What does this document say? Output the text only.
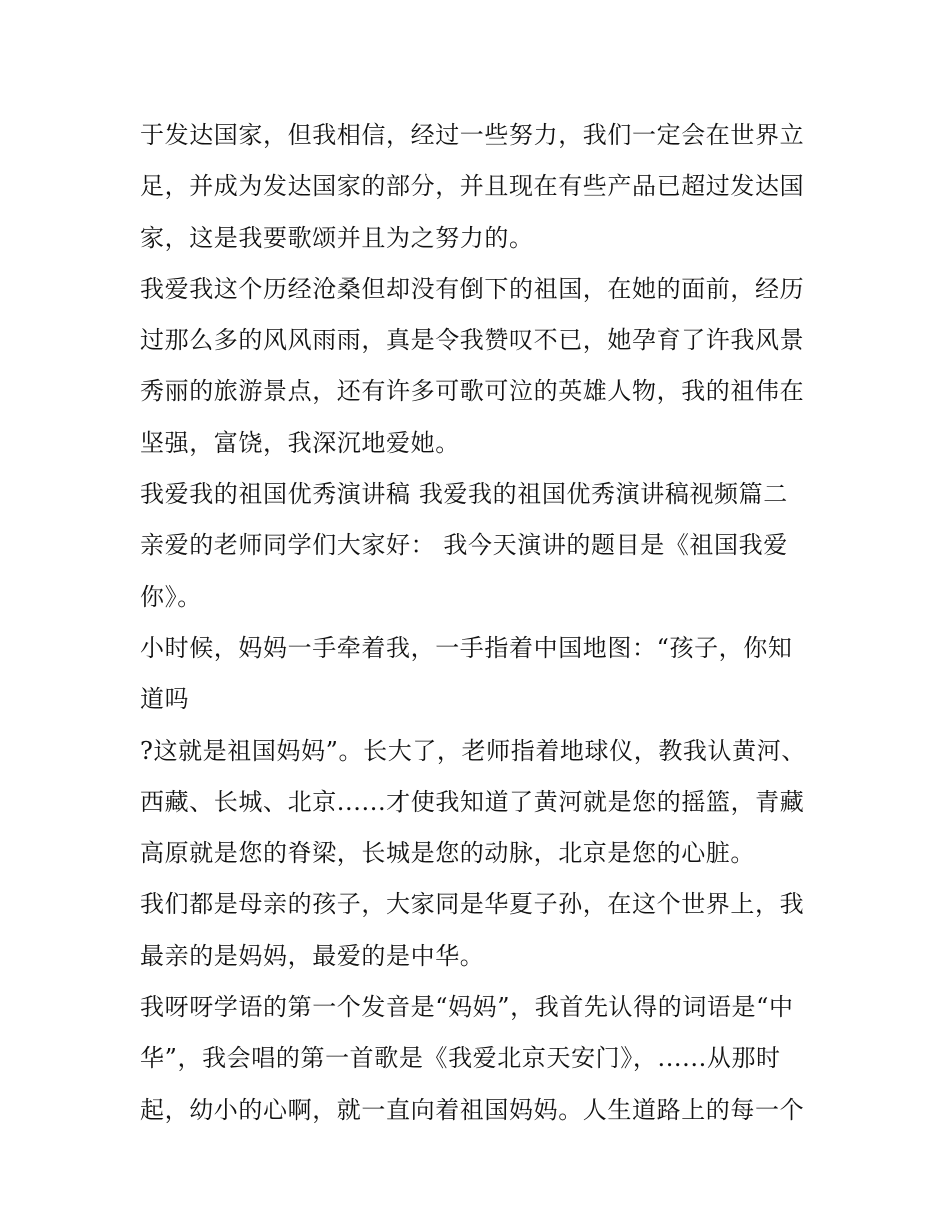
于发达国家，但我相信，经过一些努力，我们一定会在世界立
足，并成为发达国家的部分，并且现在有些产品已超过发达国
家，这是我要歌颂并且为之努力的。
我爱我这个历经沧桑但却没有倒下的祖国，在她的面前，经历
过那么多的风风雨雨，真是令我赞叹不已，她孕育了许我风景
秀丽的旅游景点，还有许多可歌可泣的英雄人物，我的祖伟在
坚强，富饶，我深沉地爱她。
我爱我的祖国优秀演讲稿 我爱我的祖国优秀演讲稿视频篇二
亲爱的老师同学们大家好： 我今天演讲的题目是《祖国我爱
你》。
小时候，妈妈一手牵着我，一手指着中国地图：“孩子，你知
道吗
?这就是祖国妈妈”。长大了，老师指着地球仪，教我认黄河、
西藏、长城、北京......才使我知道了黄河就是您的摇篮，青藏
高原就是您的脊梁，长城是您的动脉，北京是您的心脏。
我们都是母亲的孩子，大家同是华夏子孙，在这个世界上，我
最亲的是妈妈，最爱的是中华。
我呀呀学语的第一个发音是“妈妈”，我首先认得的词语是“中
华”，我会唱的第一首歌是《我爱北京天安门》，......从那时
起，幼小的心啊，就一直向着祖国妈妈。人生道路上的每一个
